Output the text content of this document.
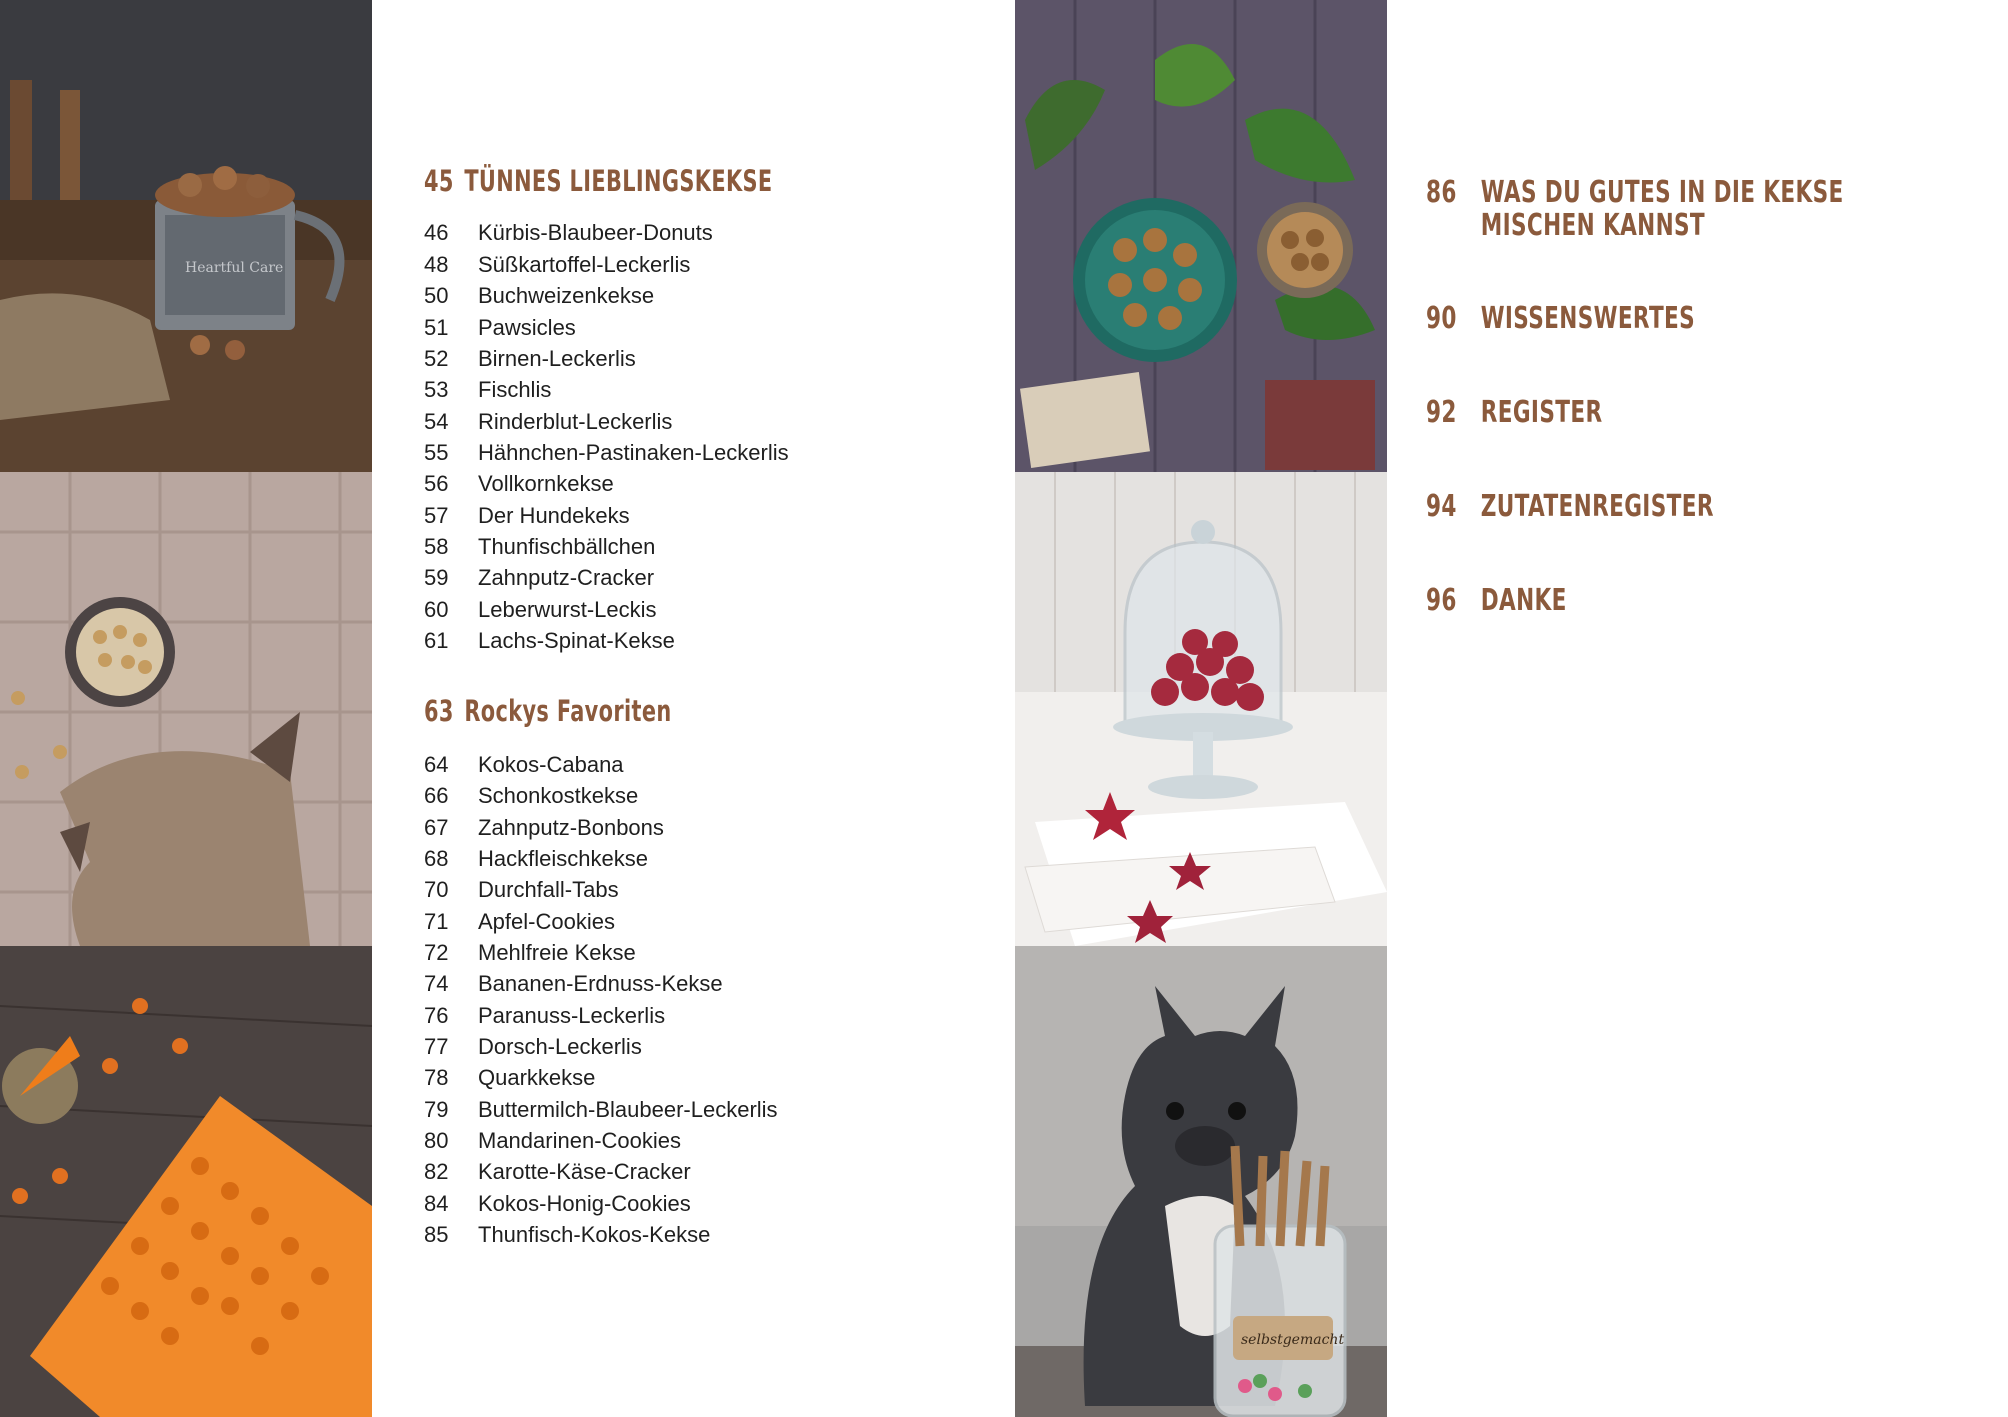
Heartful Care
45 TÜNNES LIEBLINGSKEKSE
46 Kürbis-Blaubeer-Donuts
48 Süßkartoffel-Leckerlis
50 Buchweizenkekse
51 Pawsicles
52 Birnen-Leckerlis
53 Fischlis
54 Rinderblut-Leckerlis
55 Hähnchen-Pastinaken-Leckerlis
56 Vollkornkekse
57 Der Hundekeks
58 Thunfischbällchen
59 Zahnputz-Cracker
60 Leberwurst-Leckis
61 Lachs-Spinat-Kekse
63 Rockys Favoriten
64 Kokos-Cabana
66 Schonkostkekse
67 Zahnputz-Bonbons
68 Hackfleischkekse
70 Durchfall-Tabs
71 Apfel-Cookies
72 Mehlfreie Kekse
74 Bananen-Erdnuss-Kekse
76 Paranuss-Leckerlis
77 Dorsch-Leckerlis
78 Quarkkekse
79 Buttermilch-Blaubeer-Leckerlis
80 Mandarinen-Cookies
82 Karotte-Käse-Cracker
84 Kokos-Honig-Cookies
85 Thunfisch-Kokos-Kekse
selbstgemacht
86 WAS DU GUTES IN DIE KEKSE MISCHEN KANNST
90 WISSENSWERTES
92 REGISTER
94 ZUTATENREGISTER
96 DANKE
